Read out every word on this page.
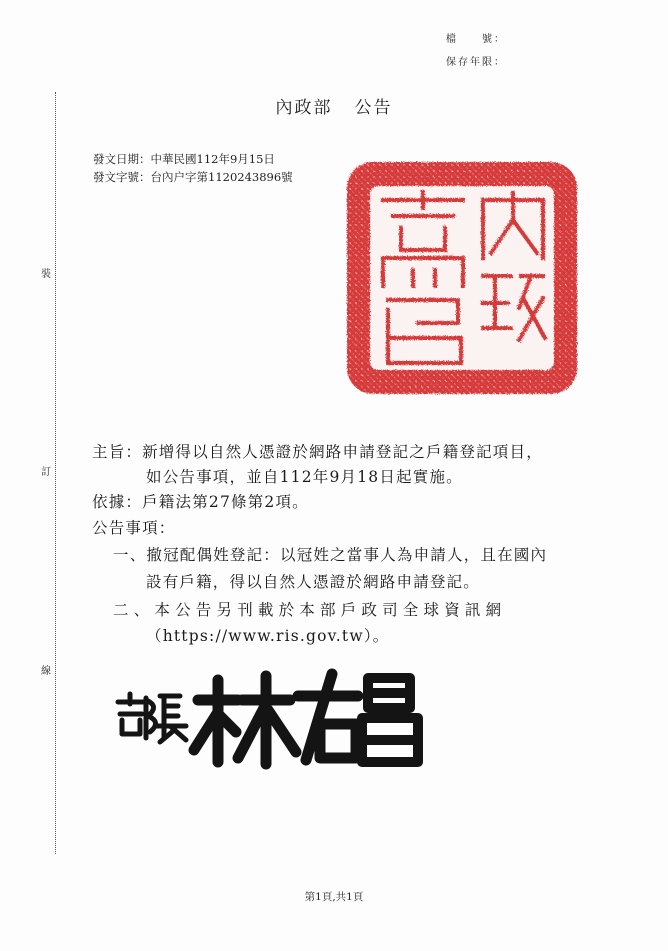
檔　　號：
保存年限：
裝
訂
線
內政部 公告
發文日期：中華民國112年9月15日
發文字號：台內户字第1120243896號
主旨：新增得以自然人憑證於網路申請登記之戶籍登記項目，
如公告事項，並自112年9月18日起實施。
依據：戶籍法第27條第2項。
公告事項：
一、撤冠配偶姓登記：以冠姓之當事人為申請人，且在國內
設有戶籍，得以自然人憑證於網路申請登記。
二、本公告另刊載於本部戶政司全球資訊網
（https://www.ris.gov.tw）。
第1頁,共1頁
